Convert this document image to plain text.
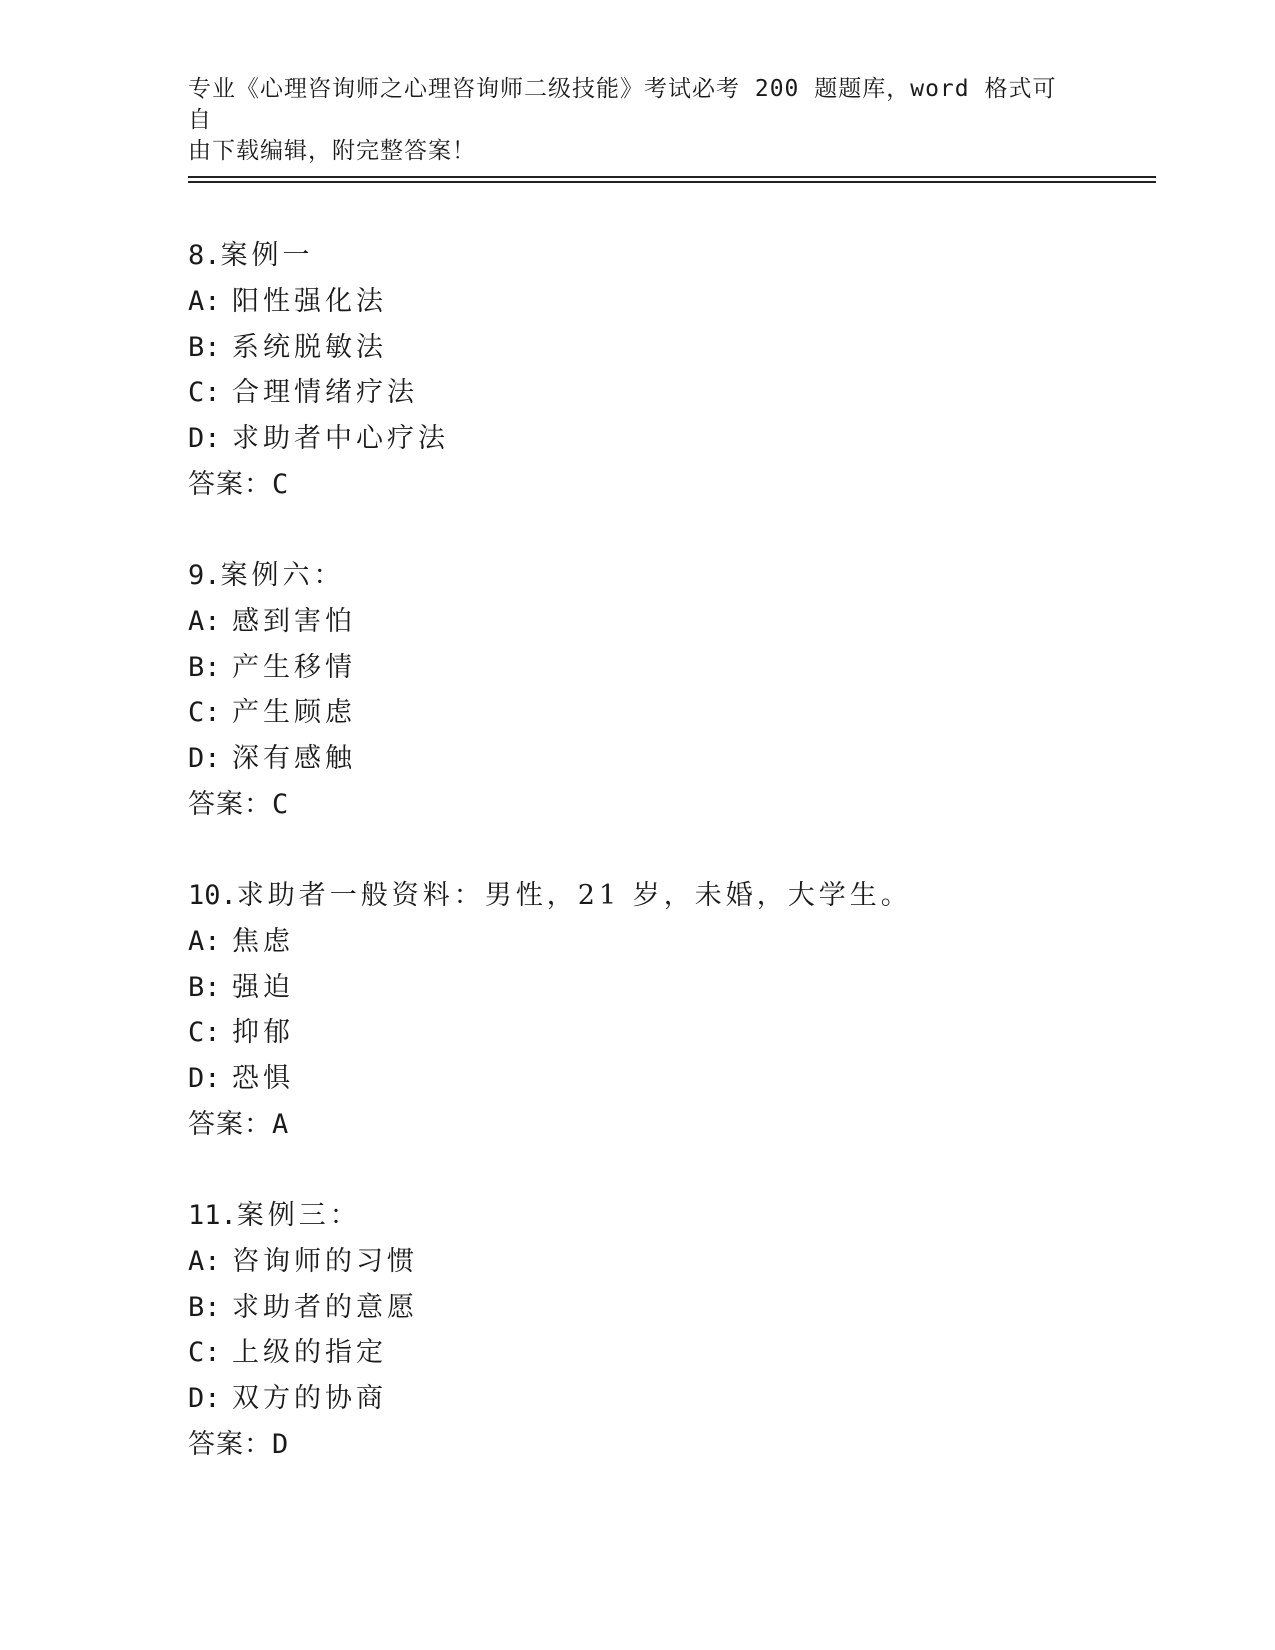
专业《心理咨询师之心理咨询师二级技能》考试必考 200 题题库，word 格式可自
由下载编辑，附完整答案！
8.案例一
A: 阳性强化法
B: 系统脱敏法
C: 合理情绪疗法
D: 求助者中心疗法
答案：C
9.案例六：
A: 感到害怕
B: 产生移情
C: 产生顾虑
D: 深有感触
答案：C
10.求助者一般资料：男性，21 岁，未婚，大学生。
A: 焦虑
B: 强迫
C: 抑郁
D: 恐惧
答案：A
11.案例三：
A: 咨询师的习惯
B: 求助者的意愿
C: 上级的指定
D: 双方的协商
答案：D
